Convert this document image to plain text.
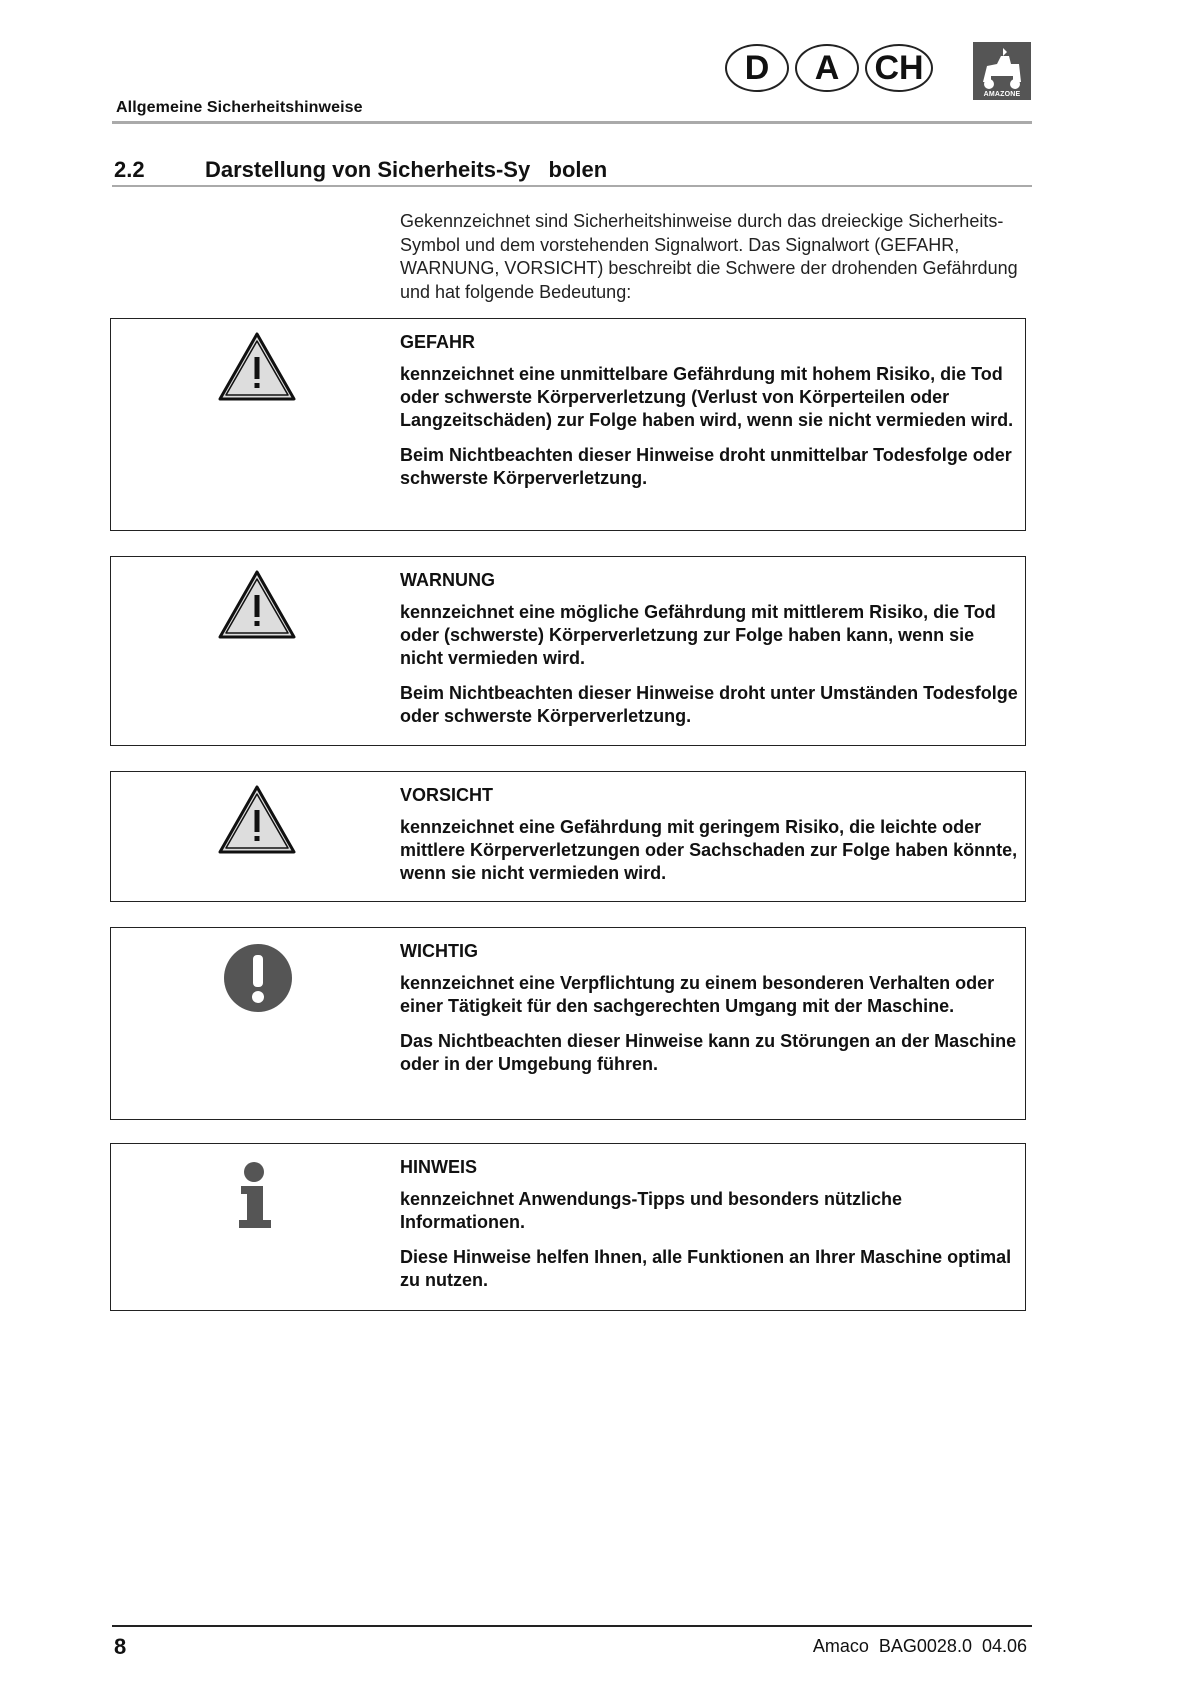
Allgemeine Sicherheitshinweise
D	A	CH
AMAZONE
2.2	Darstellung von Sicherheits-Sy   bolen
Gekennzeichnet sind Sicherheitshinweise durch das dreieckige Sicherheits-Symbol und dem vorstehenden Signalwort. Das Signalwort (GEFAHR, WARNUNG, VORSICHT) beschreibt die Schwere der drohenden Gefährdung und hat folgende Bedeutung:
GEFAHR

kennzeichnet eine unmittelbare Gefährdung mit hohem Risiko, die Tod oder schwerste Körperverletzung (Verlust von Körperteilen oder Langzeitschäden) zur Folge haben wird, wenn sie nicht vermieden wird.

Beim Nichtbeachten dieser Hinweise droht unmittelbar Todesfolge oder schwerste Körperverletzung.

WARNUNG

kennzeichnet eine mögliche Gefährdung mit mittlerem Risiko, die Tod oder (schwerste) Körperverletzung zur Folge haben kann, wenn sie nicht vermieden wird.

Beim Nichtbeachten dieser Hinweise droht unter Umständen Todesfolge oder schwerste Körperverletzung.

VORSICHT

kennzeichnet eine Gefährdung mit geringem Risiko, die leichte oder mittlere Körperverletzungen oder Sachschaden zur Folge haben könnte, wenn sie nicht vermieden wird.

WICHTIG

kennzeichnet eine Verpflichtung zu einem besonderen Verhalten oder einer Tätigkeit für den sachgerechten Umgang mit der Maschine.

Das Nichtbeachten dieser Hinweise kann zu Störungen an der Maschine oder in der Umgebung führen.

HINWEIS

kennzeichnet Anwendungs-Tipps und besonders nützliche Informationen.

Diese Hinweise helfen Ihnen, alle Funktionen an Ihrer Maschine optimal zu nutzen.

8	Amaco  BAG0028.0  04.06
